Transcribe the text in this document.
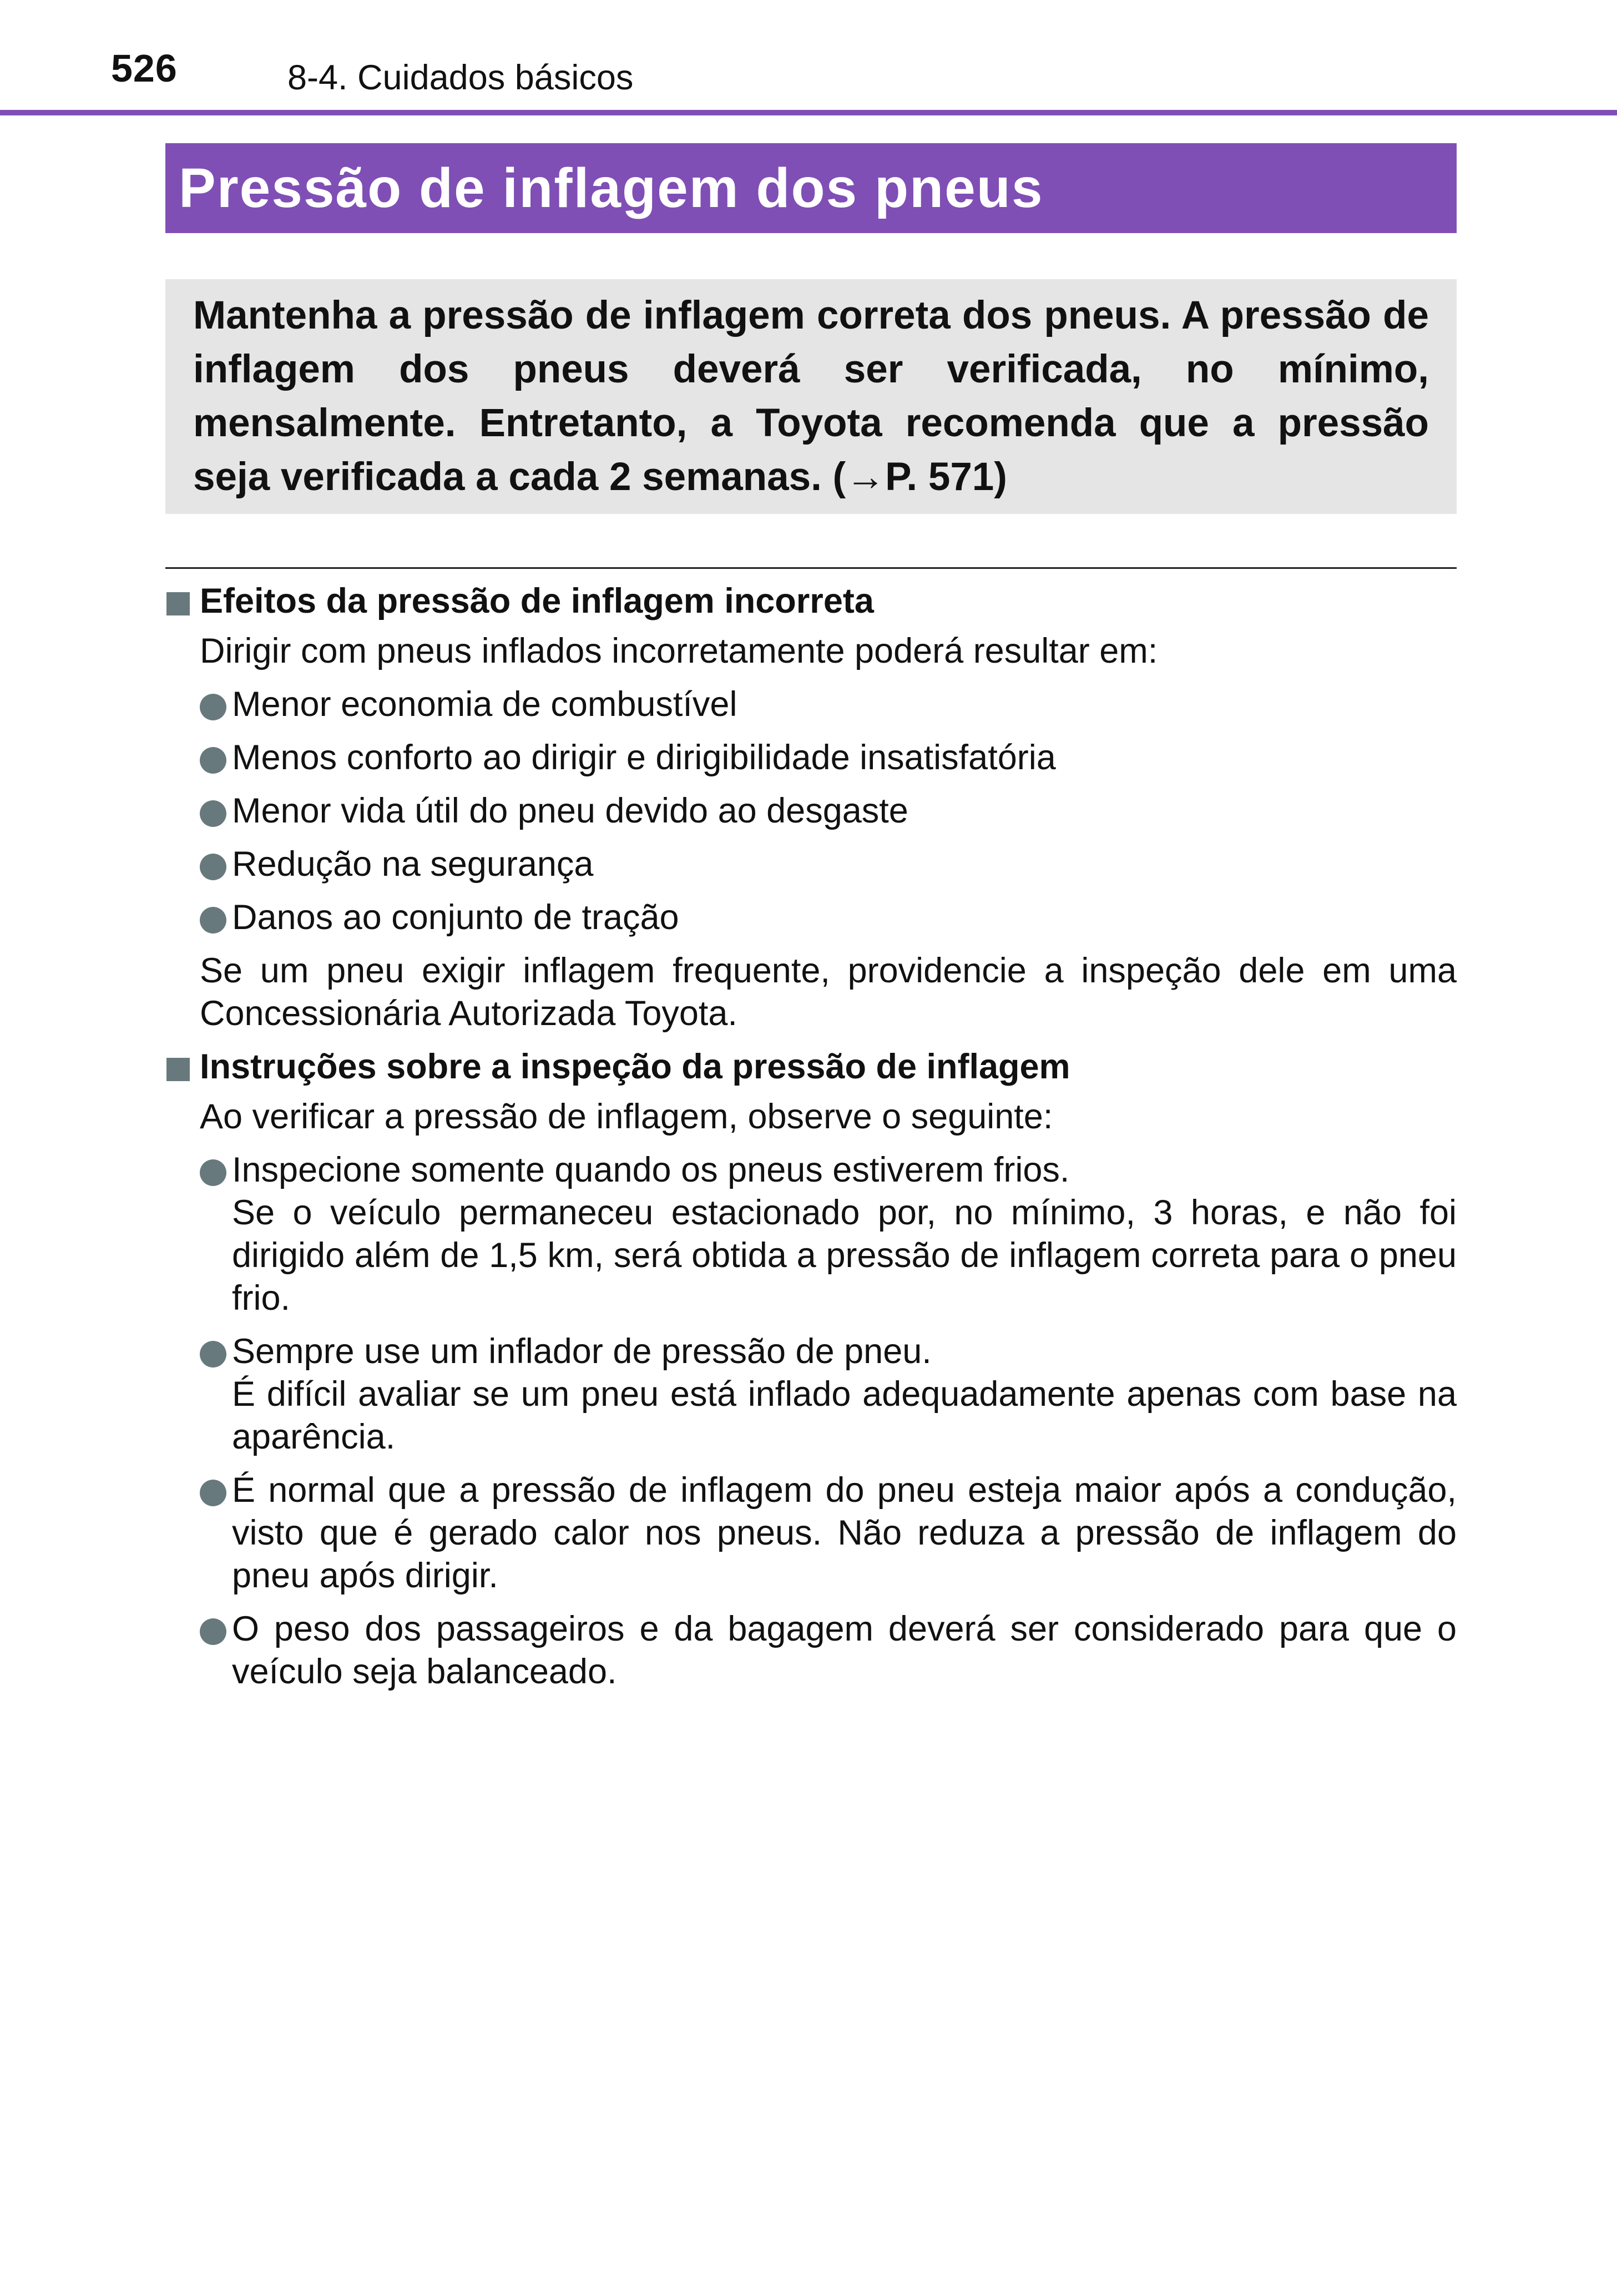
526	8-4. Cuidados básicos
Pressão de inflagem dos pneus

Mantenha a pressão de inflagem correta dos pneus. A pressão de inflagem dos pneus deverá ser verificada, no mínimo, mensalmente. Entretanto, a Toyota recomenda que a pressão seja verificada a cada 2 semanas. (→P. 571)

Efeitos da pressão de inflagem incorreta

Dirigir com pneus inflados incorretamente poderá resultar em:

Menor economia de combustível
Menos conforto ao dirigir e dirigibilidade insatisfatória
Menor vida útil do pneu devido ao desgaste
Redução na segurança
Danos ao conjunto de tração

Se um pneu exigir inflagem frequente, providencie a inspeção dele em uma Concessionária Autorizada Toyota.

Instruções sobre a inspeção da pressão de inflagem

Ao verificar a pressão de inflagem, observe o seguinte:

Inspecione somente quando os pneus estiverem frios.
Se o veículo permaneceu estacionado por, no mínimo, 3 horas, e não foi dirigido além de 1,5 km, será obtida a pressão de inflagem correta para o pneu frio.
Sempre use um inflador de pressão de pneu.
É difícil avaliar se um pneu está inflado adequadamente apenas com base na aparência.
É normal que a pressão de inflagem do pneu esteja maior após a condução, visto que é gerado calor nos pneus. Não reduza a pressão de inflagem do pneu após dirigir.
O peso dos passageiros e da bagagem deverá ser considerado para que o veículo seja balanceado.
